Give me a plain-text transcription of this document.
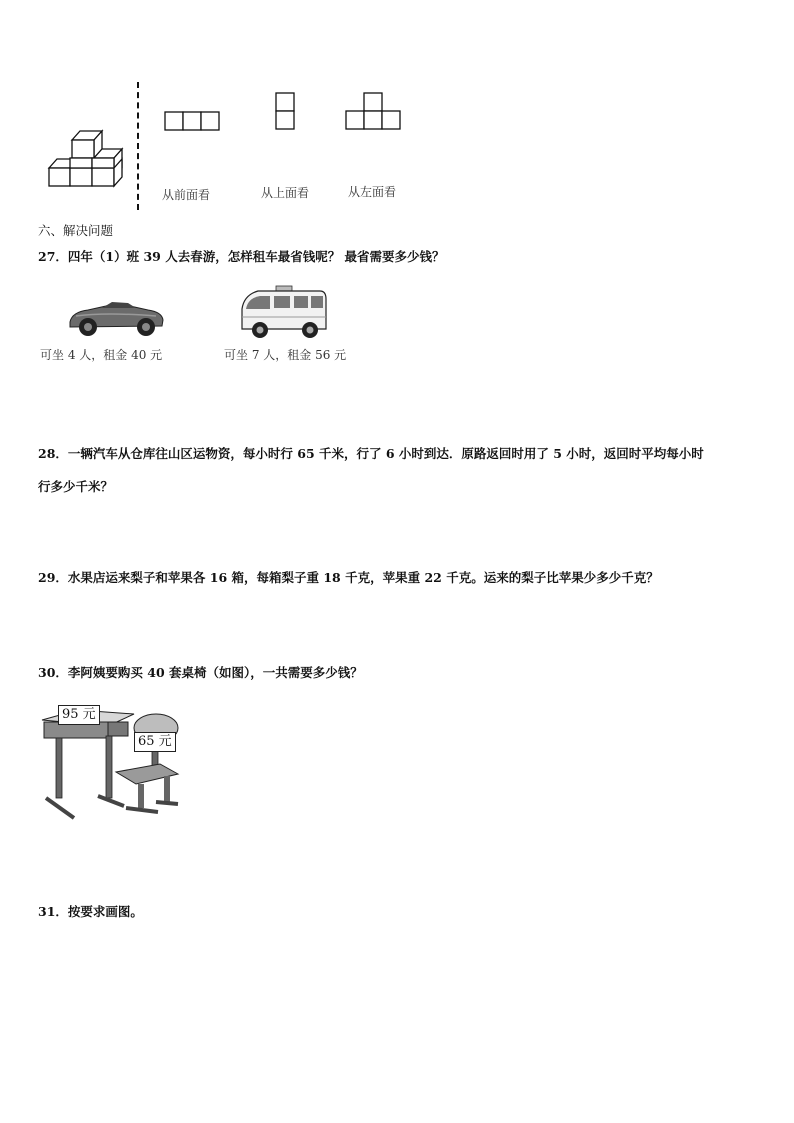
从前面看	从上面看	从左面看
六、解决问题
27．四年（1）班 39 人去春游，怎样租车最省钱呢？ 最省需要多少钱？
可坐 4 人，租金 40 元	可坐 7 人，租金 56 元
28．一辆汽车从仓库往山区运物资，每小时行 65 千米，行了 6 小时到达．原路返回时用了 5 小时，返回时平均每小时
行多少千米？
29．水果店运来梨子和苹果各 16 箱，每箱梨子重 18 千克，苹果重 22 千克。运来的梨子比苹果少多少千克？
30．李阿姨要购买 40 套桌椅（如图），一共需要多少钱？
95 元
65 元
31．按要求画图。
